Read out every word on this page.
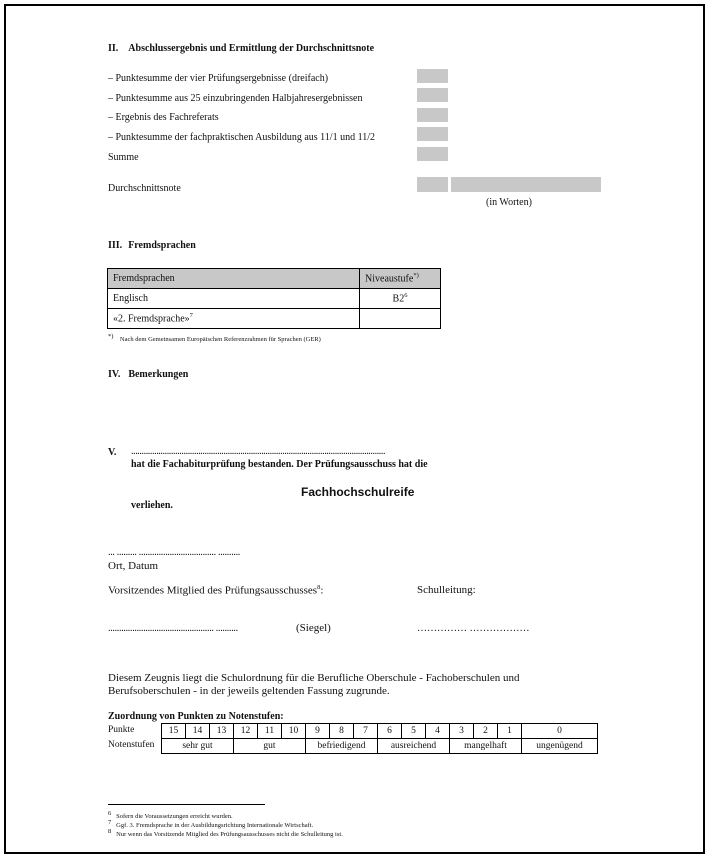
II. Abschlussergebnis und Ermittlung der Durchschnittsnote
– Punktesumme der vier Prüfungsergebnisse (dreifach)
– Punktesumme aus 25 einzubringenden Halbjahresergebnissen
– Ergebnis des Fachreferats
– Punktesumme der fachpraktischen Ausbildung aus 11/1 und 11/2
Summe
Durchschnittsnote
(in Worten)
III. Fremdsprachen
Fremdsprachen	Niveaustufe*)
Englisch	$B2^6$
«2. Fremdsprache»$^7$	
*) Nach dem Gemeinsamen Europäischen Referenzrahmen für Sprachen (GER)
IV. Bemerkungen
V. .........................................................................................................................
hat die Fachabiturprüfung bestanden. Der Prüfungsausschuss hat die
Fachhochschulreife
verliehen.
... ......... ................................... ..........
Ort, Datum
Vorsitzendes Mitglied des Prüfungsausschusses$^8$:	Schulleitung:
................................................ ..........	(Siegel)	…………… ………………
Diesem Zeugnis liegt die Schulordnung für die Berufliche Oberschule - Fachoberschulen und
Berufsoberschulen - in der jeweils geltenden Fassung zugrunde.
Zuordnung von Punkten zu Notenstufen:
Punkte
Notenstufen
15	14	13	12	11	10	9	8	7	6	5	4	3	2	1	0
sehr gut			gut			befriedigend			ausreichend			mangelhaft			ungenügend
$^6$ Sofern die Voraussetzungen erreicht wurden.
$^7$ Ggf. 3. Fremdsprache in der Ausbildungsrichtung Internationale Wirtschaft.
$^8$ Nur wenn das Vorsitzende Mitglied des Prüfungsausschusses nicht die Schulleitung ist.
